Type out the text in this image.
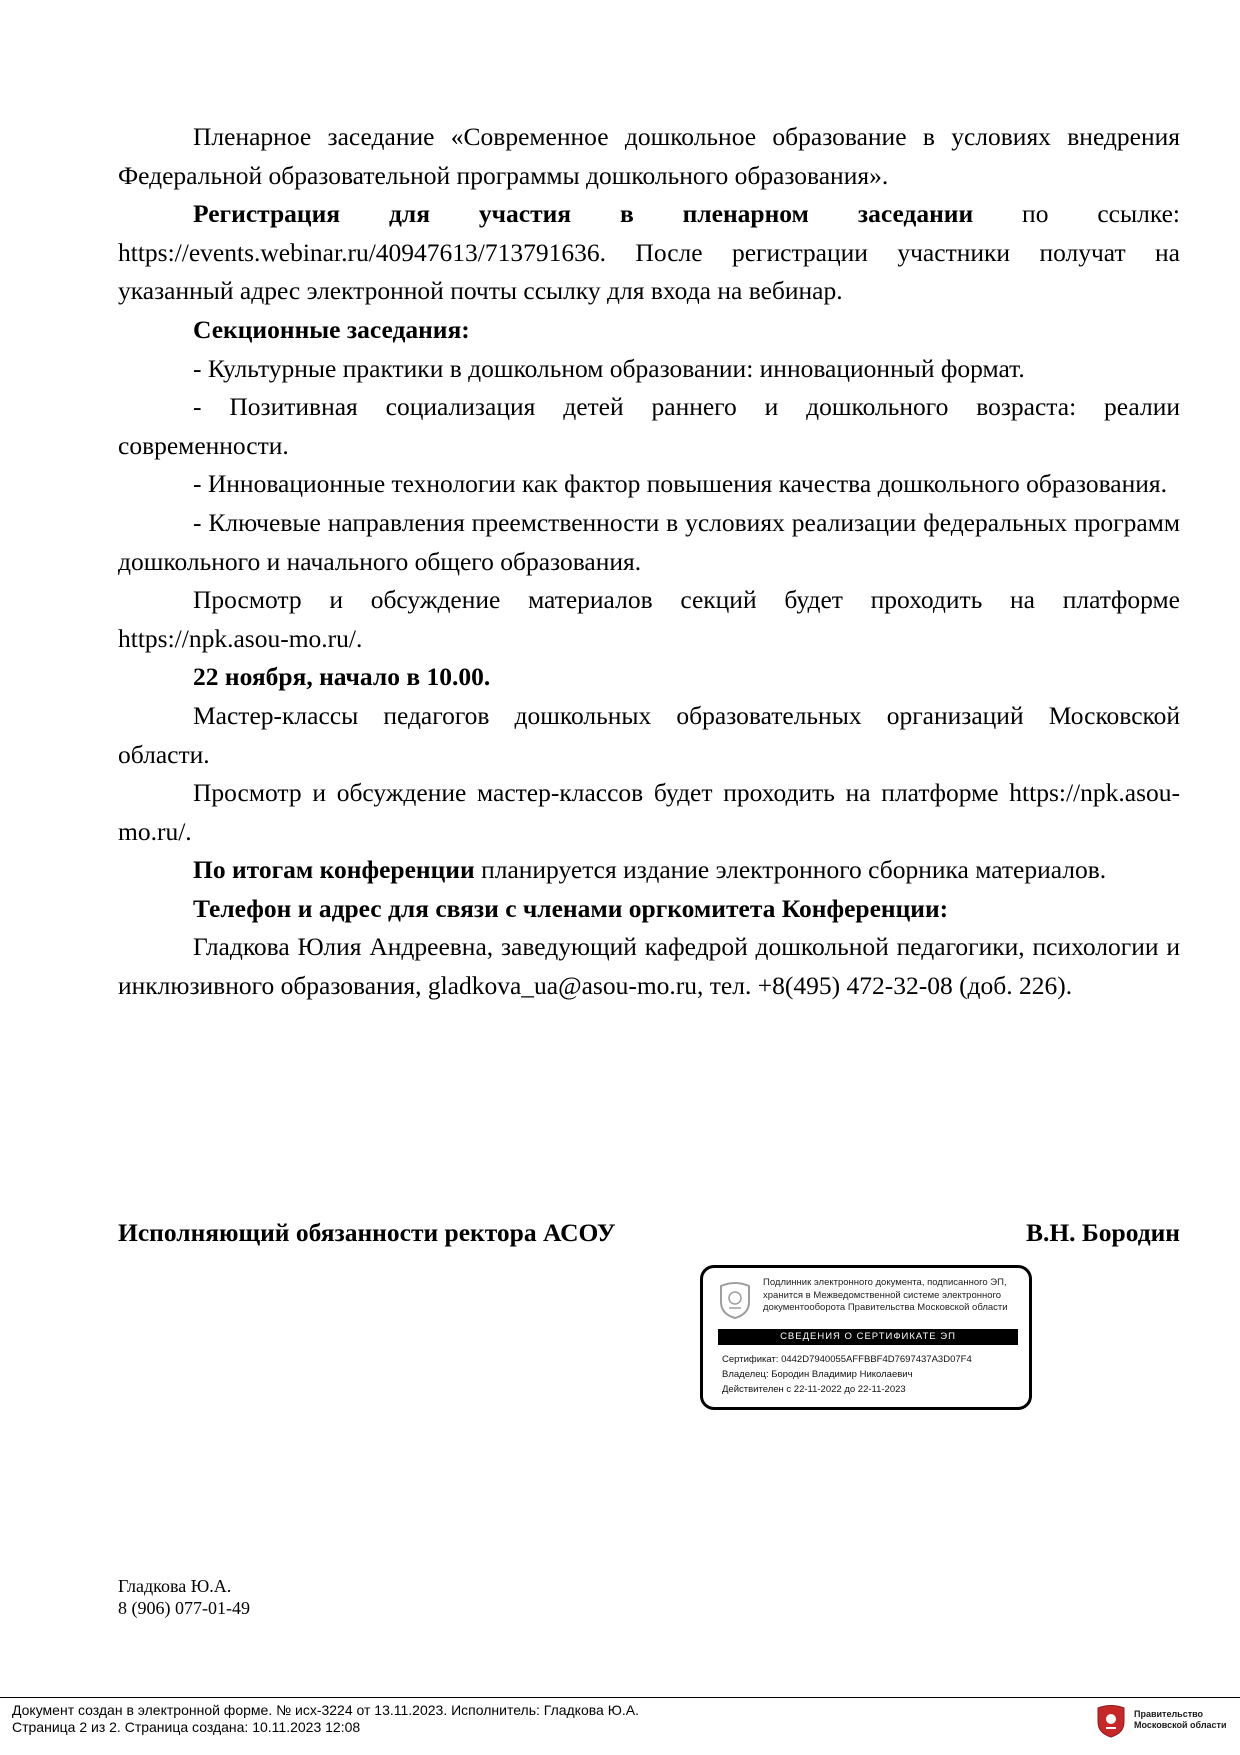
Пленарное заседание «Современное дошкольное образование в условиях внедрения Федеральной образовательной программы дошкольного образования».

Регистрация для участия в пленарном заседании по ссылке: https://events.webinar.ru/40947613/713791636. После регистрации участники получат на указанный адрес электронной почты ссылку для входа на вебинар.

Секционные заседания:

- Культурные практики в дошкольном образовании: инновационный формат.

- Позитивная социализация детей раннего и дошкольного возраста: реалии современности.

- Инновационные технологии как фактор повышения качества дошкольного образования.

- Ключевые направления преемственности в условиях реализации федеральных программ дошкольного и начального общего образования.

Просмотр и обсуждение материалов секций будет проходить на платформе https://npk.asou-mo.ru/.

22 ноября, начало в 10.00.

Мастер-классы педагогов дошкольных образовательных организаций Московской области.

Просмотр и обсуждение мастер-классов будет проходить на платформе https://npk.asou-mo.ru/.

По итогам конференции планируется издание электронного сборника материалов.

Телефон и адрес для связи с членами оргкомитета Конференции:

Гладкова Юлия Андреевна, заведующий кафедрой дошкольной педагогики, психологии и инклюзивного образования, gladkova_ua@asou-mo.ru, тел. +8(495) 472-32-08 (доб. 226).

Исполняющий обязанности ректора АСОУ	В.Н. Бородин
Подлинник электронного документа, подписанного ЭП,
хранится в Межведомственной системе электронного
документооборота Правительства Московской области
СВЕДЕНИЯ О СЕРТИФИКАТЕ ЭП
Сертификат: 0442D7940055AFFBBF4D7697437A3D07F4
Владелец: Бородин Владимир Николаевич
Действителен с 22-11-2022 до 22-11-2023
Гладкова Ю.А.
8 (906) 077-01-49
Документ создан в электронной форме. № исх-3224 от 13.11.2023. Исполнитель: Гладкова Ю.А.
Страница 2 из 2. Страница создана: 10.11.2023 12:08
Правительство
Московской области
